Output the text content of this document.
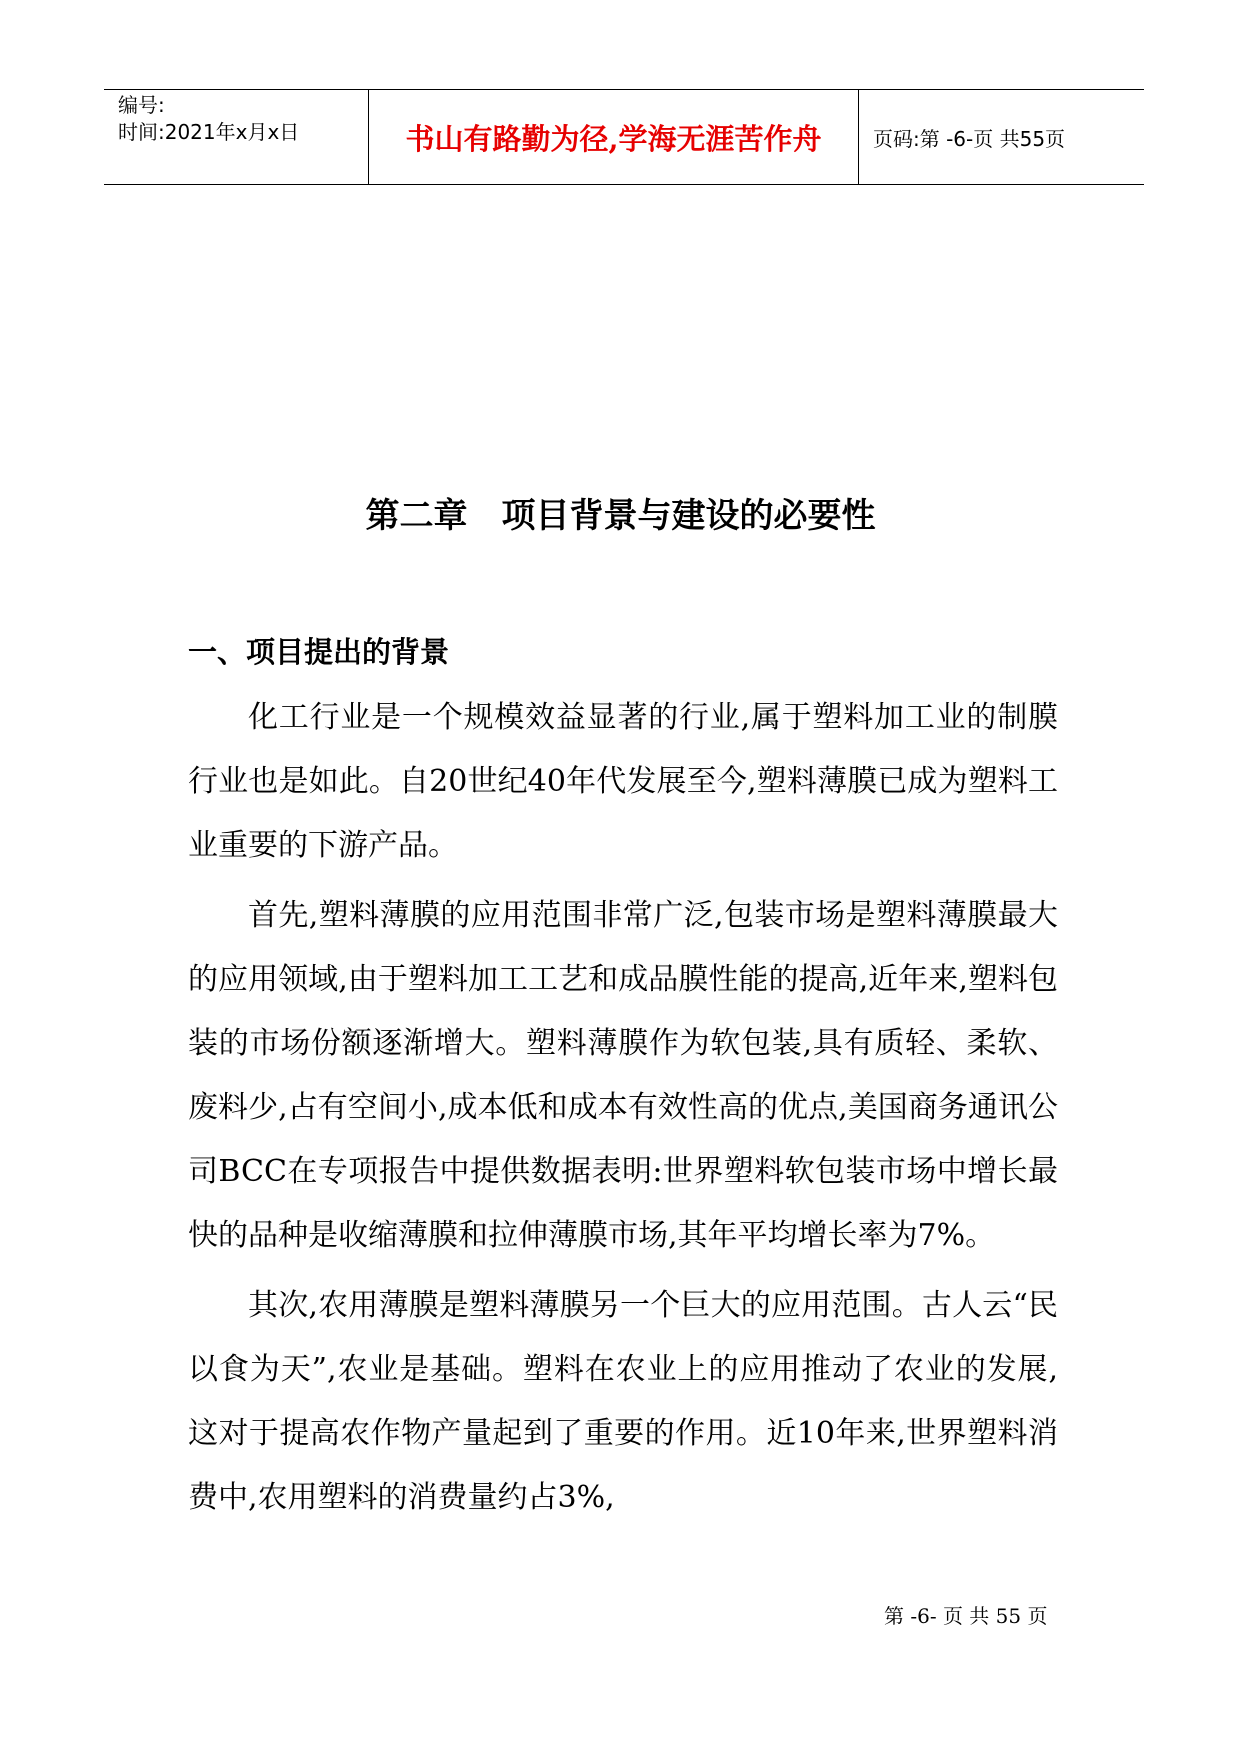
编号:
时间:2021年x月x日	书山有路勤为径,学海无涯苦作舟	页码:第 -6-页 共55页
第二章　项目背景与建设的必要性
一、项目提出的背景

化工行业是一个规模效益显著的行业,属于塑料加工业的制膜行业也是如此。自20世纪40年代发展至今,塑料薄膜已成为塑料工业重要的下游产品。

首先,塑料薄膜的应用范围非常广泛,包装市场是塑料薄膜最大的应用领域,由于塑料加工工艺和成品膜性能的提高,近年来,塑料包装的市场份额逐渐增大。塑料薄膜作为软包装,具有质轻、柔软、废料少,占有空间小,成本低和成本有效性高的优点,美国商务通讯公司BCC在专项报告中提供数据表明:世界塑料软包装市场中增长最快的品种是收缩薄膜和拉伸薄膜市场,其年平均增长率为7%。

其次,农用薄膜是塑料薄膜另一个巨大的应用范围。古人云“民以食为天”,农业是基础。塑料在农业上的应用推动了农业的发展,这对于提高农作物产量起到了重要的作用。近10年来,世界塑料消费中,农用塑料的消费量约占3%,

第 -6- 页 共 55 页
